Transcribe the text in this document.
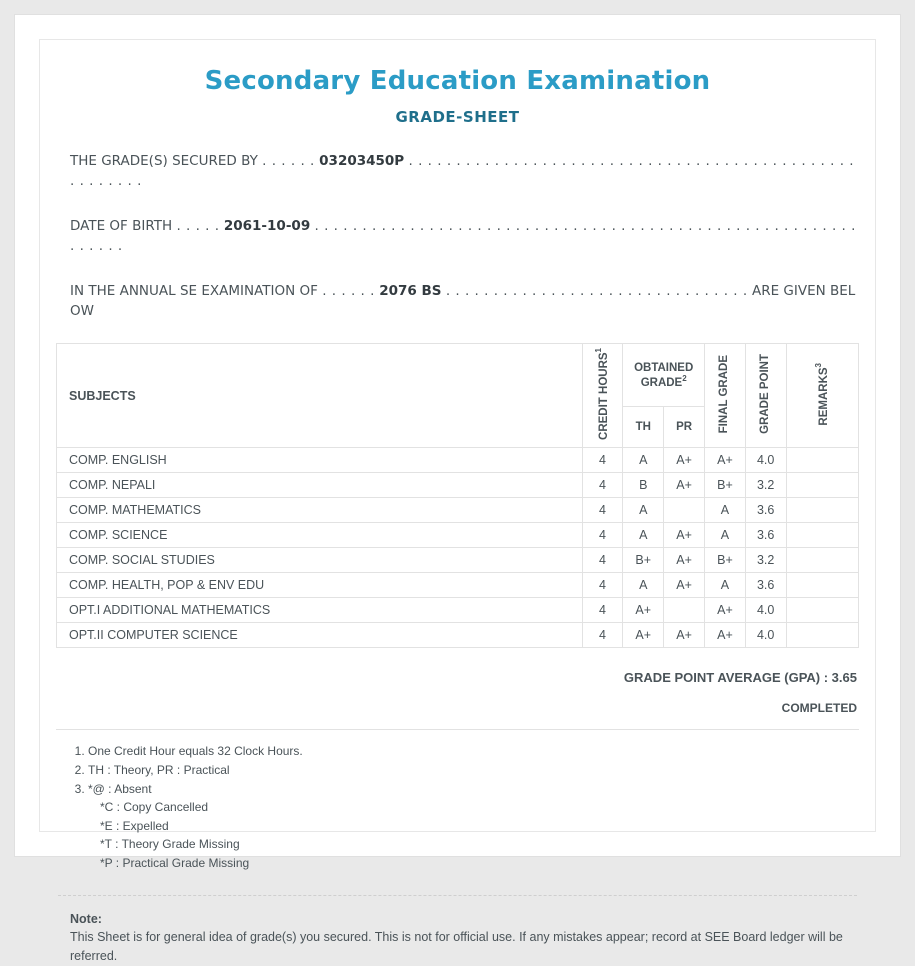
Secondary Education Examination
GRADE-SHEET
THE GRADE(S) SECURED BY . . . . . . 03203450P . . . . . . . . . . . . . . . . . . . . . . . . . . . . . . . . . . . . . . . . . . . . . . . . . . . . . . .
DATE OF BIRTH . . . . . 2061-10-09 . . . . . . . . . . . . . . . . . . . . . . . . . . . . . . . . . . . . . . . . . . . . . . . . . . . . . . . . . . . . . . .
IN THE ANNUAL SE EXAMINATION OF . . . . . . 2076 BS . . . . . . . . . . . . . . . . . . . . . . . . . . . . . . . . ARE GIVEN BELOW
SUBJECTS	CREDIT HOURS$^1$	OBTAINED GRADE$^2$		FINAL GRADE	GRADE POINT	REMARKS$^3$
		TH	PR			
COMP. ENGLISH	4	A	A+	A+	4.0	
COMP. NEPALI	4	B	A+	B+	3.2	
COMP. MATHEMATICS	4	A		A	3.6	
COMP. SCIENCE	4	A	A+	A	3.6	
COMP. SOCIAL STUDIES	4	B+	A+	B+	3.2	
COMP. HEALTH, POP & ENV EDU	4	A	A+	A	3.6	
OPT.I ADDITIONAL MATHEMATICS	4	A+		A+	4.0	
OPT.II COMPUTER SCIENCE	4	A+	A+	A+	4.0	
GRADE POINT AVERAGE (GPA) : 3.65
COMPLETED
1. One Credit Hour equals 32 Clock Hours.
2. TH : Theory, PR : Practical
3. *@ : Absent
*C : Copy Cancelled
*E : Expelled
*T : Theory Grade Missing
*P : Practical Grade Missing
Note:
This Sheet is for general idea of grade(s) you secured. This is not for official use. If any mistakes appear; record at SEE Board ledger will be referred.
